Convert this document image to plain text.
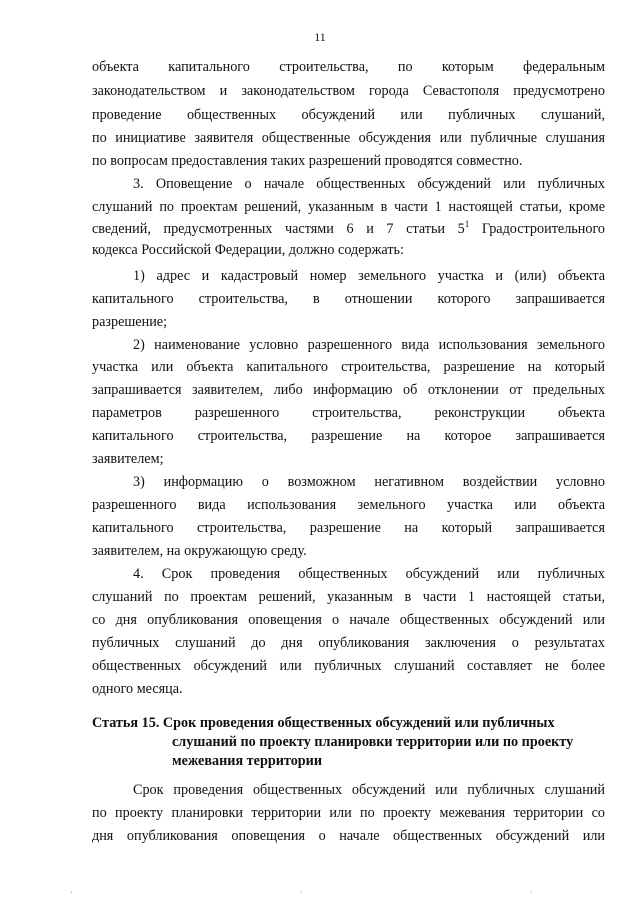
11
объекта капитального строительства, по которым федеральным
законодательством и законодательством города Севастополя предусмотрено
проведение общественных обсуждений или публичных слушаний,
по инициативе заявителя общественные обсуждения или публичные слушания
по вопросам предоставления таких разрешений проводятся совместно.
3. Оповещение о начале общественных обсуждений или публичных
слушаний по проектам решений, указанным в части 1 настоящей статьи, кроме
сведений, предусмотренных частями 6 и 7 статьи $5^1$ Градостроительного
кодекса Российской Федерации, должно содержать:
1) адрес и кадастровый номер земельного участка и (или) объекта
капитального строительства, в отношении которого запрашивается
разрешение;
2) наименование условно разрешенного вида использования земельного
участка или объекта капитального строительства, разрешение на который
запрашивается заявителем, либо информацию об отклонении от предельных
параметров разрешенного строительства, реконструкции объекта
капитального строительства, разрешение на которое запрашивается
заявителем;
3) информацию о возможном негативном воздействии условно
разрешенного вида использования земельного участка или объекта
капитального строительства, разрешение на который запрашивается
заявителем, на окружающую среду.
4. Срок проведения общественных обсуждений или публичных
слушаний по проектам решений, указанным в части 1 настоящей статьи,
со дня опубликования оповещения о начале общественных обсуждений или
публичных слушаний до дня опубликования заключения о результатах
общественных обсуждений или публичных слушаний составляет не более
одного месяца.
Статья 15. Срок проведения общественных обсуждений или публичных
слушаний по проекту планировки территории или по проекту
межевания территории
Срок проведения общественных обсуждений или публичных слушаний
по проекту планировки территории или по проекту межевания территории со
дня опубликования оповещения о начале общественных обсуждений или
ʼ	ʼ	ʼ
